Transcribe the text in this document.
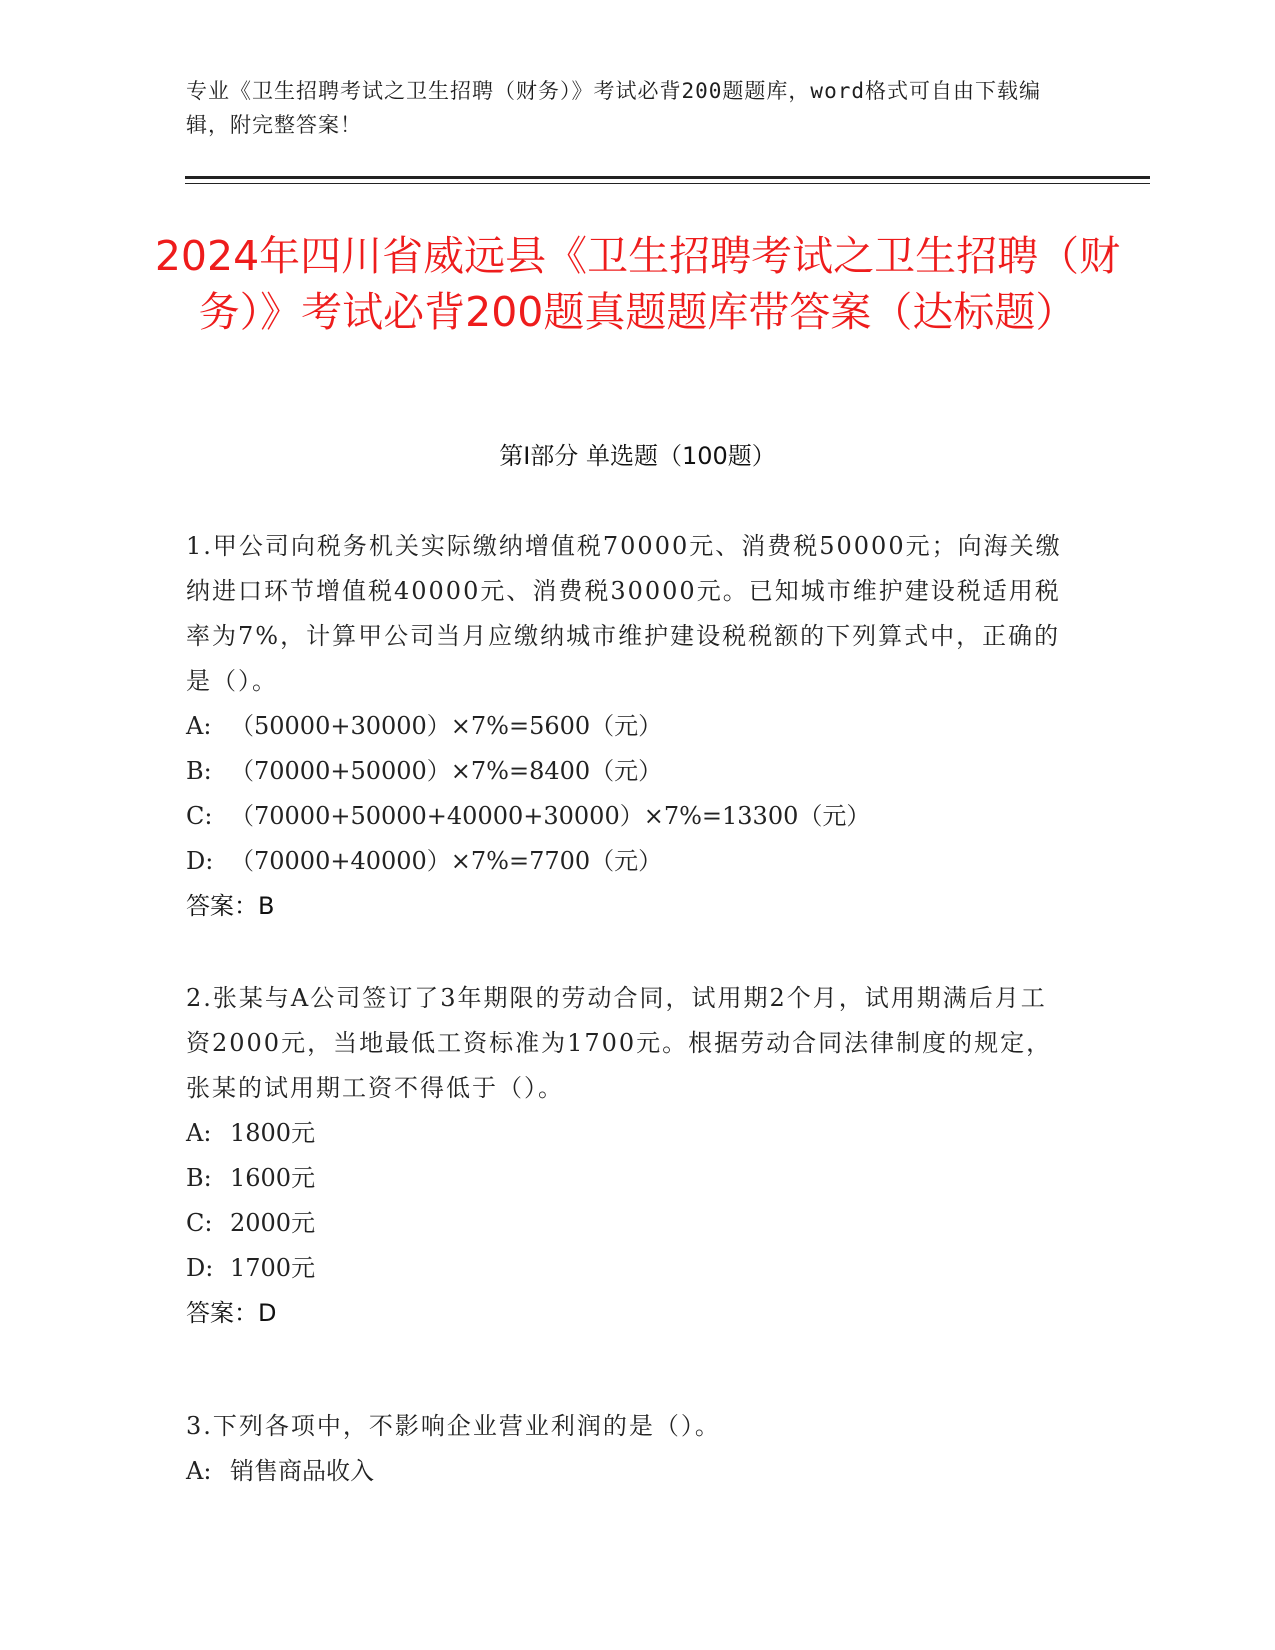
专业《卫生招聘考试之卫生招聘（财务）》考试必背200题题库，word格式可自由下载编辑，附完整答案！
2024年四川省威远县《卫生招聘考试之卫生招聘（财务）》考试必背200题真题题库带答案（达标题）
第Ⅰ部分 单选题（100题）

1.甲公司向税务机关实际缴纳增值税70000元、消费税50000元；向海关缴纳进口环节增值税40000元、消费税30000元。已知城市维护建设税适用税率为7%，计算甲公司当月应缴纳城市维护建设税税额的下列算式中，正确的是（）。

A: （50000+30000）×7%=5600（元）
B: （70000+50000）×7%=8400（元）
C: （70000+50000+40000+30000）×7%=13300（元）
D: （70000+40000）×7%=7700（元）
答案：B

2.张某与A公司签订了3年期限的劳动合同，试用期2个月，试用期满后月工资2000元，当地最低工资标准为1700元。根据劳动合同法律制度的规定，张某的试用期工资不得低于（）。

A: 1800元
B: 1600元
C: 2000元
D: 1700元
答案：D

3.下列各项中，不影响企业营业利润的是（）。

A: 销售商品收入
